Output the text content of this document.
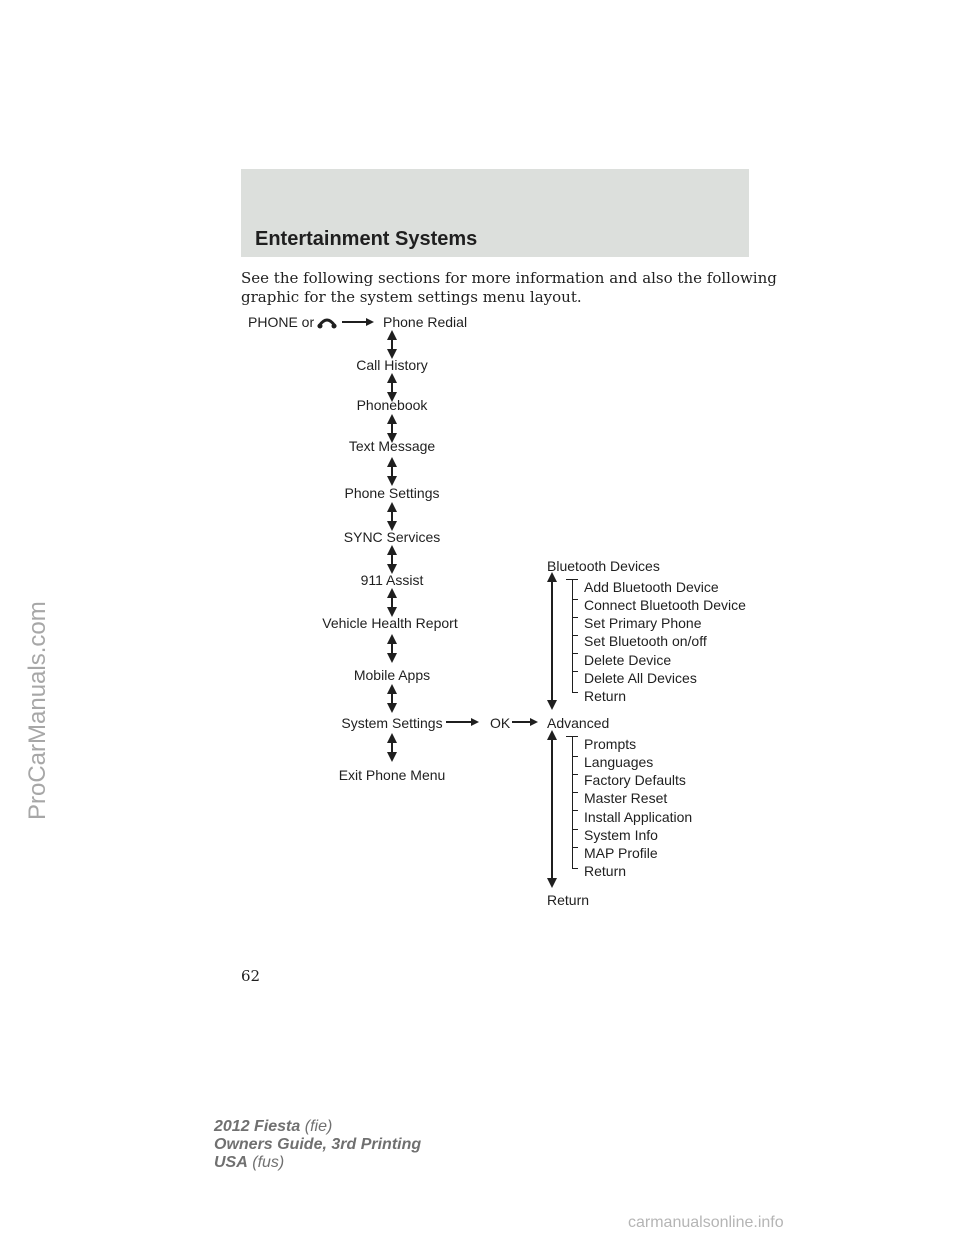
Entertainment Systems
See the following sections for more information and also the following
graphic for the system settings menu layout.
PHONE or	Phone Redial
Call History
Phonebook
Text Message
Phone Settings
SYNC Services
911 Assist
Vehicle Health Report
Mobile Apps
System Settings
Exit Phone Menu
OK
Bluetooth Devices
Add Bluetooth Device
Connect Bluetooth Device
Set Primary Phone
Set Bluetooth on/off
Delete Device
Delete All Devices
Return
Advanced
Prompts
Languages
Factory Defaults
Master Reset
Install Application
System Info
MAP Profile
Return
Return
ProCarManuals.com
62
2012 Fiesta (fie)
Owners Guide, 3rd Printing
USA (fus)
carmanualsonline.info
